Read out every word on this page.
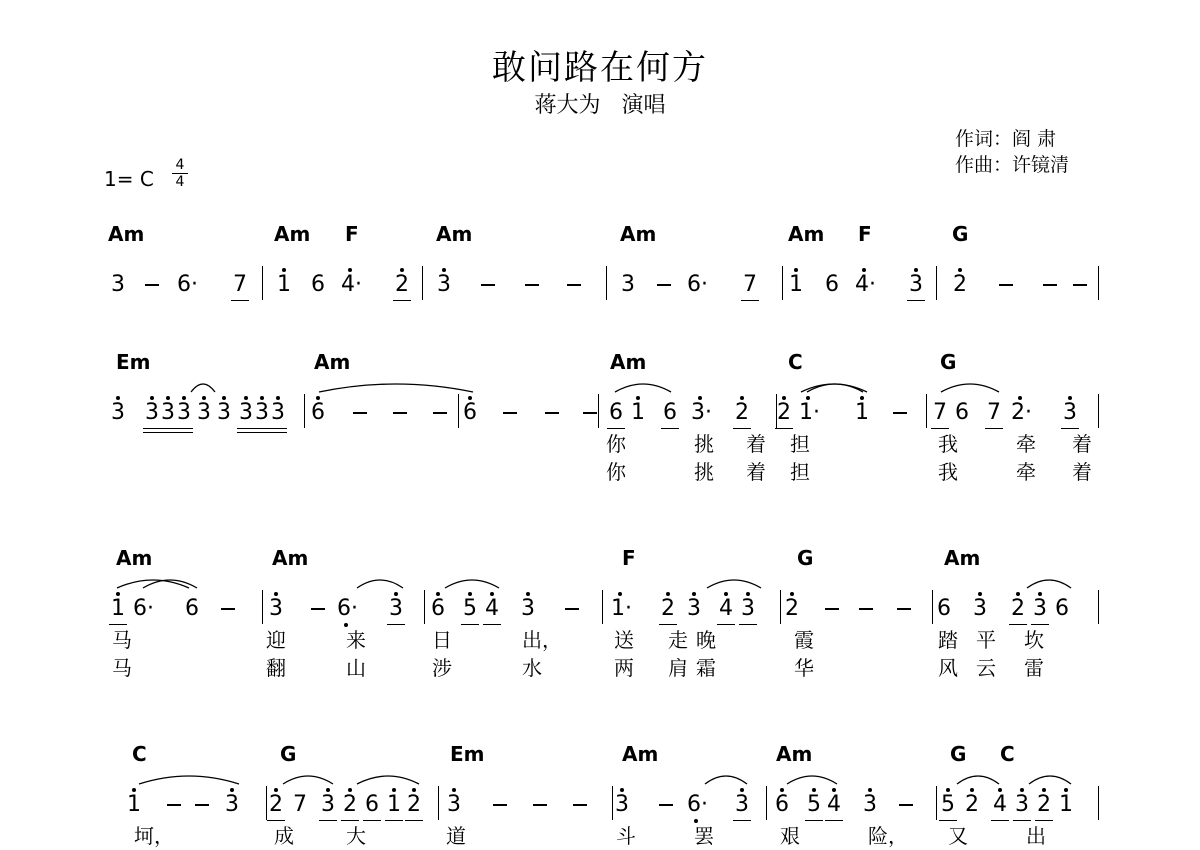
敢问路在何方
蒋大为   演唱
作词：阎 肃
作曲：许镜清
1= C
4
4
Am	Am F	Am	Am	Am F	G
3 6· 7 1 6 4
· 2 3	3 6· 7 1 6 4
· 3 2
Em	Am	Am	C	G
3 3 3 3 3 3 3 3 3 6	6	6 1 6 3
· 2 2 1
· 1	7 6 7 2
· 3
你	挑 着 担	我	牵 着
你	挑 着 担	我	牵 着
Am	Am	F	G	Am
1 6· 6	3 6
· 3 6 5 4 3	1
· 2 3 4 3 2	6 3 2 3 6
马	迎	来	日	出，	送 走 晚	霞	踏 平 坎
马	翻	山	涉	水	两 肩 霜	华	风 云 雷
C	G	Em	Am	Am	G C
1	3 2 7 3 2 6 1 2 3	3	6
· 3 6 5 4 3	5 2 4 3 2 1
坷，	成	大	道	斗	罢	艰	险， 又	出
